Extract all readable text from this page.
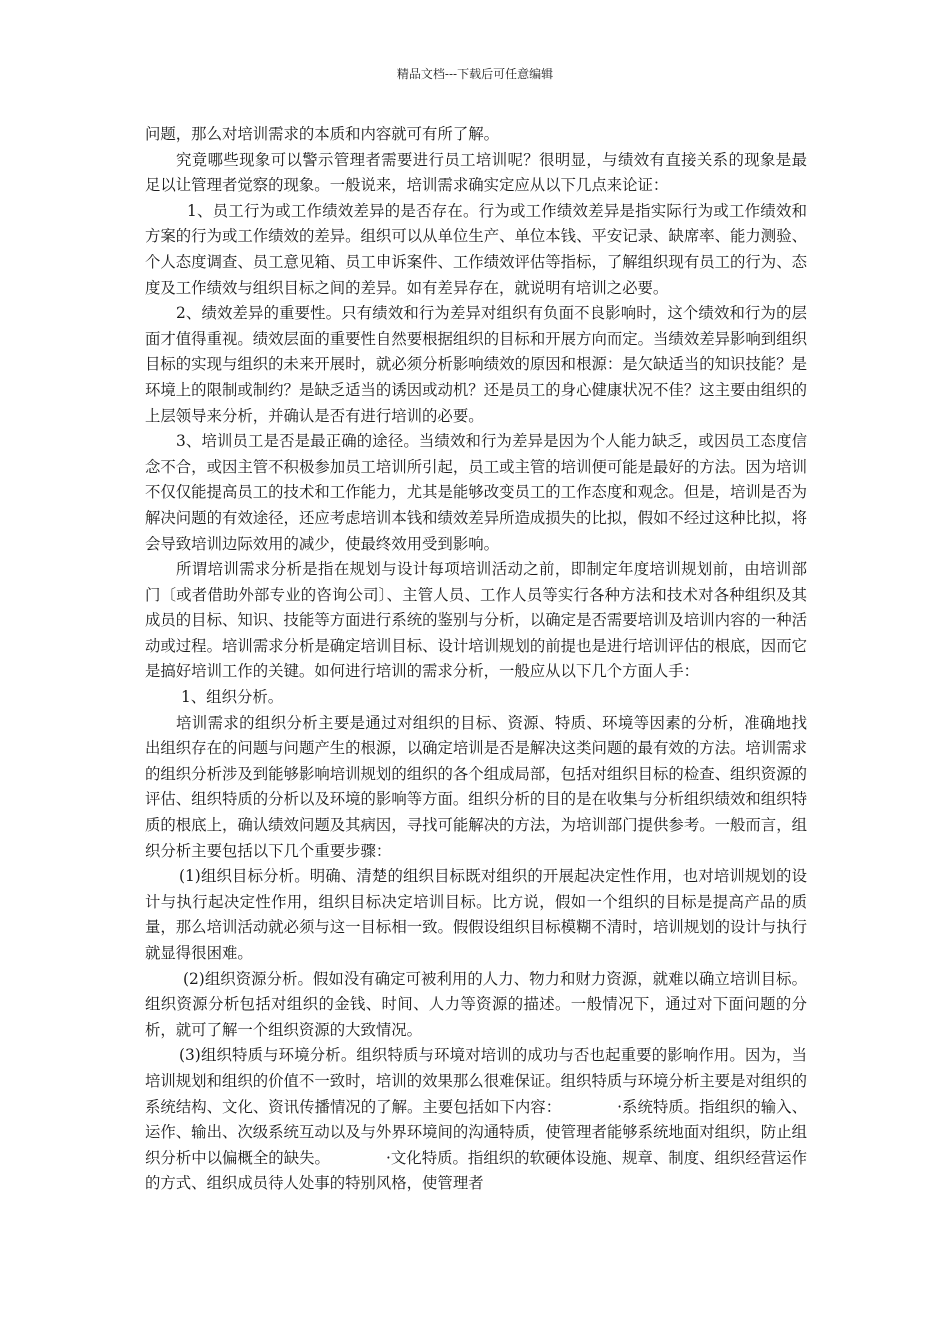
精品文档---下载后可任意编辑

问题，那么对培训需求的本质和内容就可有所了解。

究竟哪些现象可以警示管理者需要进行员工培训呢？很明显，与绩效有直接关系的现象是最足以让管理者觉察的现象。一般说来，培训需求确实定应从以下几点来论证：

1、员工行为或工作绩效差异的是否存在。行为或工作绩效差异是指实际行为或工作绩效和方案的行为或工作绩效的差异。组织可以从单位生产、单位本钱、平安记录、缺席率、能力测验、个人态度调查、员工意见箱、员工申诉案件、工作绩效评估等指标，了解组织现有员工的行为、态度及工作绩效与组织目标之间的差异。如有差异存在，就说明有培训之必要。

2、绩效差异的重要性。只有绩效和行为差异对组织有负面不良影响时，这个绩效和行为的层面才值得重视。绩效层面的重要性自然要根据组织的目标和开展方向而定。当绩效差异影响到组织目标的实现与组织的未来开展时，就必须分析影响绩效的原因和根源：是欠缺适当的知识技能？是环境上的限制或制约？是缺乏适当的诱因或动机？还是员工的身心健康状况不佳？这主要由组织的上层领导来分析，并确认是否有进行培训的必要。

3、培训员工是否是最正确的途径。当绩效和行为差异是因为个人能力缺乏，或因员工态度信念不合，或因主管不积极参加员工培训所引起，员工或主管的培训便可能是最好的方法。因为培训不仅仅能提高员工的技术和工作能力，尤其是能够改变员工的工作态度和观念。但是，培训是否为解决问题的有效途径，还应考虑培训本钱和绩效差异所造成损失的比拟，假如不经过这种比拟，将会导致培训边际效用的减少，使最终效用受到影响。

所谓培训需求分析是指在规划与设计每项培训活动之前，即制定年度培训规划前，由培训部门〔或者借助外部专业的咨询公司〕、主管人员、工作人员等实行各种方法和技术对各种组织及其成员的目标、知识、技能等方面进行系统的鉴别与分析，以确定是否需要培训及培训内容的一种活动或过程。培训需求分析是确定培训目标、设计培训规划的前提也是进行培训评估的根底，因而它是搞好培训工作的关键。如何进行培训的需求分析，一般应从以下几个方面人手：

1、组织分析。

培训需求的组织分析主要是通过对组织的目标、资源、特质、环境等因素的分析，准确地找出组织存在的问题与问题产生的根源，以确定培训是否是解决这类问题的最有效的方法。培训需求的组织分析涉及到能够影响培训规划的组织的各个组成局部，包括对组织目标的检查、组织资源的评估、组织特质的分析以及环境的影响等方面。组织分析的目的是在收集与分析组织绩效和组织特质的根底上，确认绩效问题及其病因，寻找可能解决的方法，为培训部门提供参考。一般而言，组织分析主要包括以下几个重要步骤：

(1)组织目标分析。明确、清楚的组织目标既对组织的开展起决定性作用，也对培训规划的设计与执行起决定性作用，组织目标决定培训目标。比方说，假如一个组织的目标是提高产品的质量，那么培训活动就必须与这一目标相一致。假假设组织目标模糊不清时，培训规划的设计与执行就显得很困难。

(2)组织资源分析。假如没有确定可被利用的人力、物力和财力资源，就难以确立培训目标。组织资源分析包括对组织的金钱、时间、人力等资源的描述。一般情况下，通过对下面问题的分析，就可了解一个组织资源的大致情况。

(3)组织特质与环境分析。组织特质与环境对培训的成功与否也起重要的影响作用。因为，当培训规划和组织的价值不一致时，培训的效果那么很难保证。组织特质与环境分析主要是对组织的系统结构、文化、资讯传播情况的了解。主要包括如下内容：	·系统特质。指组织的输入、运作、输出、次级系统互动以及与外界环境间的沟通特质，使管理者能够系统地面对组织，防止组织分析中以偏概全的缺失。	·文化特质。指组织的软硬体设施、规章、制度、组织经营运作的方式、组织成员待人处事的特别风格，使管理者
